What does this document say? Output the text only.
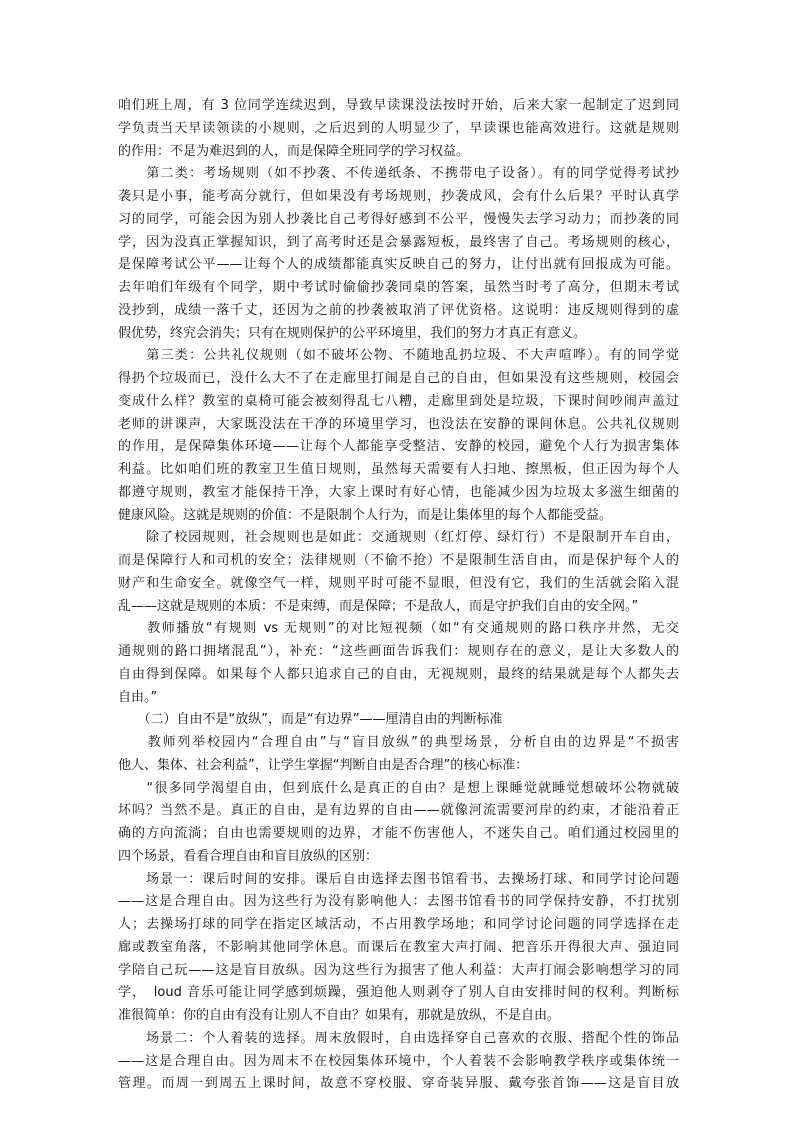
咱们班上周，有 3 位同学连续迟到，导致早读课没法按时开始，后来大家一起制定了迟到同
学负责当天早读领读的小规则，之后迟到的人明显少了，早读课也能高效进行。这就是规则
的作用：不是为难迟到的人，而是保障全班同学的学习权益。
　　第二类：考场规则（如不抄袭、不传递纸条、不携带电子设备）。有的同学觉得考试抄
袭只是小事，能考高分就行，但如果没有考场规则，抄袭成风，会有什么后果？平时认真学
习的同学，可能会因为别人抄袭比自己考得好感到不公平，慢慢失去学习动力；而抄袭的同
学，因为没真正掌握知识，到了高考时还是会暴露短板，最终害了自己。考场规则的核心，
是保障考试公平——让每个人的成绩都能真实反映自己的努力，让付出就有回报成为可能。
去年咱们年级有个同学，期中考试时偷偷抄袭同桌的答案，虽然当时考了高分，但期末考试
没抄到，成绩一落千丈，还因为之前的抄袭被取消了评优资格。这说明：违反规则得到的虚
假优势，终究会消失；只有在规则保护的公平环境里，我们的努力才真正有意义。
　　第三类：公共礼仪规则（如不破坏公物、不随地乱扔垃圾、不大声喧哗）。有的同学觉
得扔个垃圾而已，没什么大不了在走廊里打闹是自己的自由，但如果没有这些规则，校园会
变成什么样？教室的桌椅可能会被刻得乱七八糟，走廊里到处是垃圾，下课时间吵闹声盖过
老师的讲课声，大家既没法在干净的环境里学习，也没法在安静的课间休息。公共礼仪规则
的作用，是保障集体环境——让每个人都能享受整洁、安静的校园，避免个人行为损害集体
利益。比如咱们班的教室卫生值日规则，虽然每天需要有人扫地、擦黑板，但正因为每个人
都遵守规则，教室才能保持干净，大家上课时有好心情，也能减少因为垃圾太多滋生细菌的
健康风险。这就是规则的价值：不是限制个人行为，而是让集体里的每个人都能受益。
　　除了校园规则，社会规则也是如此：交通规则（红灯停、绿灯行）不是限制开车自由，
而是保障行人和司机的安全；法律规则（不偷不抢）不是限制生活自由，而是保护每个人的
财产和生命安全。就像空气一样，规则平时可能不显眼，但没有它，我们的生活就会陷入混
乱——这就是规则的本质：不是束缚，而是保障；不是敌人，而是守护我们自由的安全网。”
　　教师播放“有规则 vs 无规则”的对比短视频（如“有交通规则的路口秩序井然，无交
通规则的路口拥堵混乱”），补充：“这些画面告诉我们：规则存在的意义，是让大多数人的
自由得到保障。如果每个人都只追求自己的自由，无视规则，最终的结果就是每个人都失去
自由。”
　　（二）自由不是“放纵”，而是“有边界”——厘清自由的判断标准
　　教师列举校园内“合理自由”与“盲目放纵”的典型场景，分析自由的边界是“不损害
他人、集体、社会利益”，让学生掌握“判断自由是否合理”的核心标准：
　　“很多同学渴望自由，但到底什么是真正的自由？是想上课睡觉就睡觉想破坏公物就破
坏吗？当然不是。真正的自由，是有边界的自由——就像河流需要河岸的约束，才能沿着正
确的方向流淌；自由也需要规则的边界，才能不伤害他人，不迷失自己。咱们通过校园里的
四个场景，看看合理自由和盲目放纵的区别：
　　场景一：课后时间的安排。课后自由选择去图书馆看书、去操场打球、和同学讨论问题
——这是合理自由。因为这些行为没有影响他人：去图书馆看书的同学保持安静，不打扰别
人；去操场打球的同学在指定区域活动，不占用教学场地；和同学讨论问题的同学选择在走
廊或教室角落，不影响其他同学休息。而课后在教室大声打闹、把音乐开得很大声、强迫同
学陪自己玩——这是盲目放纵。因为这些行为损害了他人利益：大声打闹会影响想学习的同
学，　loud 音乐可能让同学感到烦躁，强迫他人则剥夺了别人自由安排时间的权利。判断标
准很简单：你的自由有没有让别人不自由？如果有，那就是放纵，不是自由。
　　场景二：个人着装的选择。周末放假时，自由选择穿自己喜欢的衣服、搭配个性的饰品
——这是合理自由。因为周末不在校园集体环境中，个人着装不会影响教学秩序或集体统一
管理。而周一到周五上课时间，故意不穿校服、穿奇装异服、戴夸张首饰——这是盲目放
